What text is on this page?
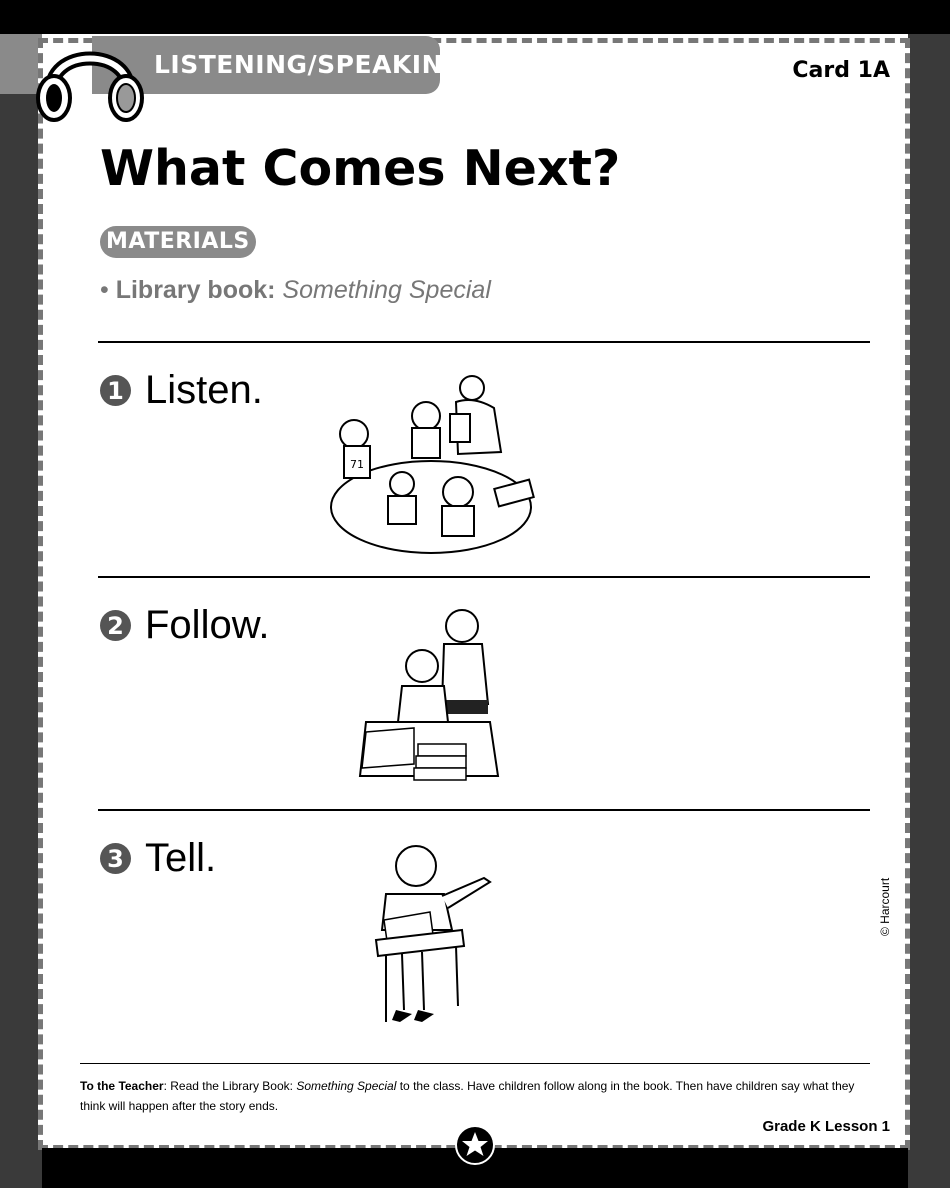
LISTENING/SPEAKING	Card 1A
What Comes Next?
MATERIALS
• Library book: Something Special
1 Listen.
71
2 Follow.
3 Tell.
© Harcourt
To the Teacher: Read the Library Book: Something Special to the class. Have children follow along in the book. Then have children say what they think will happen after the story ends.
Grade K Lesson 1
